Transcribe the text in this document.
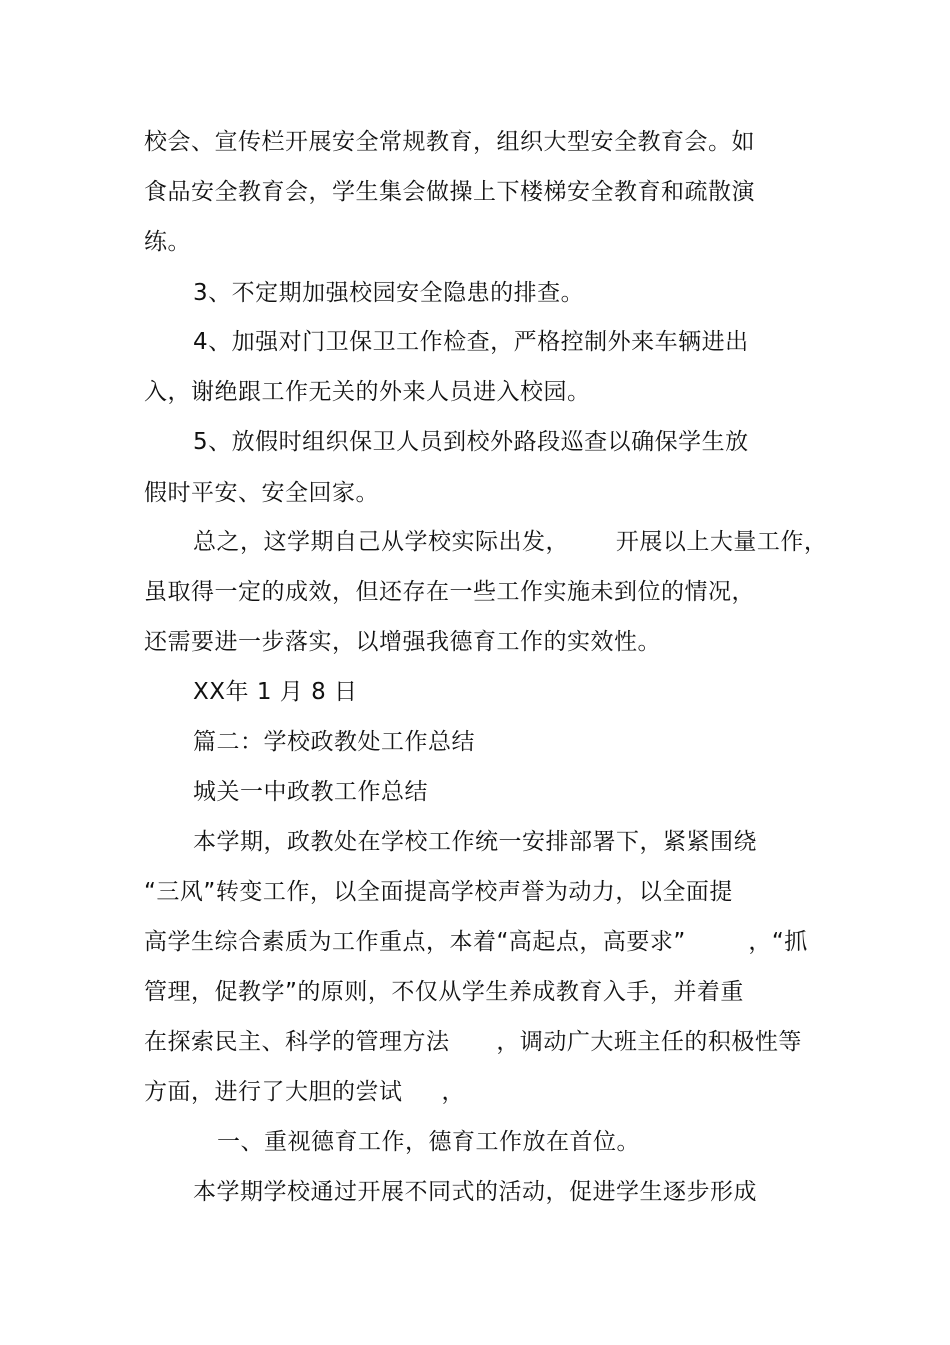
校会、宣传栏开展安全常规教育，组织大型安全教育会。如
食品安全教育会，学生集会做操上下楼梯安全教育和疏散演
练。
3、不定期加强校园安全隐患的排查。
4、加强对门卫保卫工作检查，严格控制外来车辆进出
入，谢绝跟工作无关的外来人员进入校园。
5、放假时组织保卫人员到校外路段巡查以确保学生放
假时平安、安全回家。
总之，这学期自己从学校实际出发，      开展以上大量工作，
虽取得一定的成效，但还存在一些工作实施未到位的情况，
还需要进一步落实，以增强我德育工作的实效性。
XX年 1 月 8 日
篇二：学校政教处工作总结
城关一中政教工作总结
本学期，政教处在学校工作统一安排部署下，紧紧围绕
“三风”转变工作，以全面提高学校声誉为动力，以全面提
高学生综合素质为工作重点，本着“高起点，高要求”        ，“抓
管理，促教学”的原则，不仅从学生养成教育入手，并着重
在探索民主、科学的管理方法      ，调动广大班主任的积极性等
方面，进行了大胆的尝试     ，
一、重视德育工作，德育工作放在首位。
本学期学校通过开展不同式的活动，促进学生逐步形成
